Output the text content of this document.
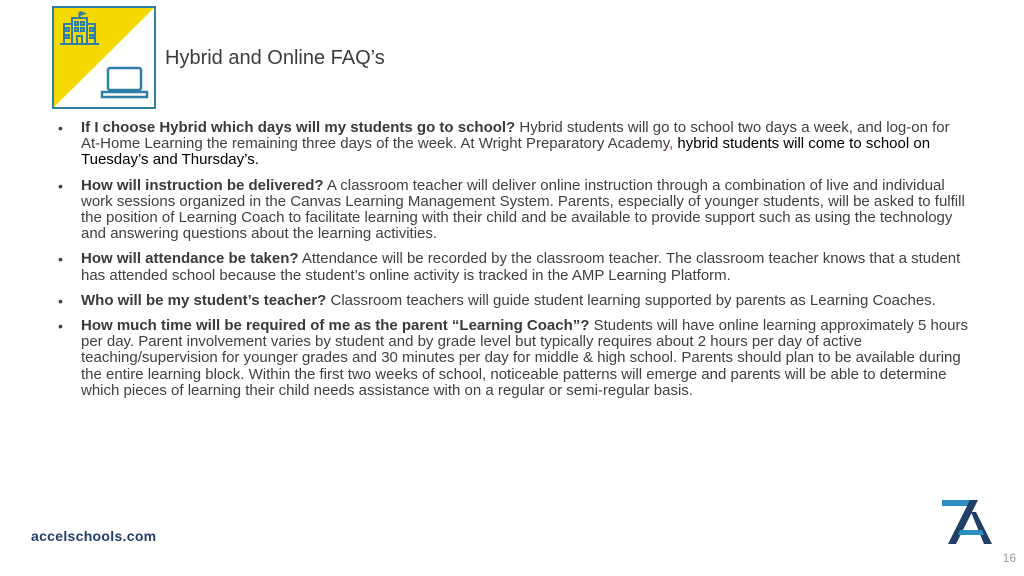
Hybrid and Online FAQ’s
• If I choose Hybrid which days will my students go to school? Hybrid students will go to school two days a week, and log-on for At-Home Learning the remaining three days of the week. At Wright Preparatory Academy, hybrid students will come to school on Tuesday’s and Thursday’s.
• How will instruction be delivered? A classroom teacher will deliver online instruction through a combination of live and individual work sessions organized in the Canvas Learning Management System. Parents, especially of younger students, will be asked to fulfill the position of Learning Coach to facilitate learning with their child and be available to provide support such as using the technology and answering questions about the learning activities.
• How will attendance be taken? Attendance will be recorded by the classroom teacher. The classroom teacher knows that a student has attended school because the student’s online activity is tracked in the AMP Learning Platform.
• Who will be my student’s teacher? Classroom teachers will guide student learning supported by parents as Learning Coaches.
• How much time will be required of me as the parent “Learning Coach”? Students will have online learning approximately 5 hours per day. Parent involvement varies by student and by grade level but typically requires about 2 hours per day of active teaching/supervision for younger grades and 30 minutes per day for middle & high school. Parents should plan to be available during the entire learning block. Within the first two weeks of school, noticeable patterns will emerge and parents will be able to determine which pieces of learning their child needs assistance with on a regular or semi-regular basis.
accelschools.com
16
